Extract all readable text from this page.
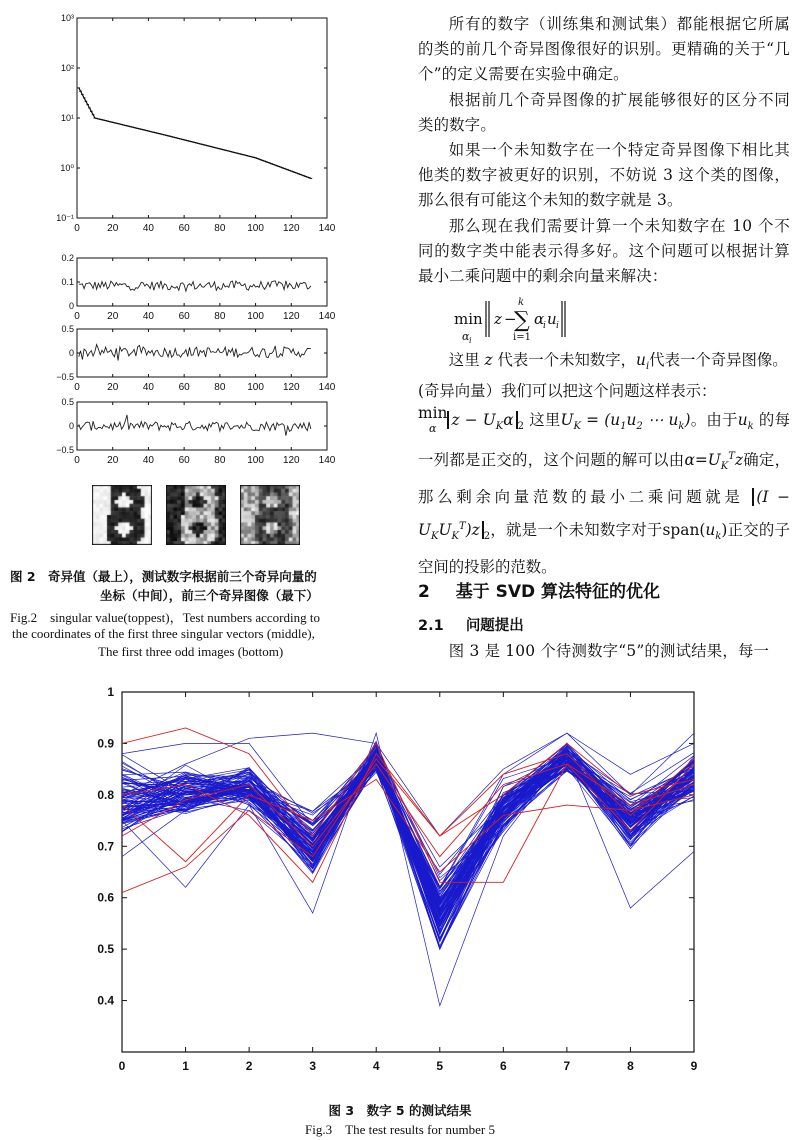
0	20 40 60 80 100 120 140
10⁻¹
10⁰
10¹
10²
10³
0	20 40 60 80 100 120 140
0.2
0.1
0
0	20 40 60 80 100 120 140
0.5
0
−0.5
0	20 40 60 80 100 120 140
0.5
0
−0.5
图 2　奇异值（最上），测试数字根据前三个奇异向量的
坐标（中间），前三个奇异图像（最下）
Fig.2　singular value(toppest)，Test numbers according to
the coordinates of the first three singular vectors (middle),
The first three odd images (bottom)

所有的数字（训练集和测试集）都能根据它所属的类的前几个奇异图像很好的识别。更精确的关于“几个”的定义需要在实验中确定。

根据前几个奇异图像的扩展能够很好的区分不同类的数字。

如果一个未知数字在一个特定奇异图像下相比其他类的数字被更好的识别，不妨说 3 这个类的图像，那么很有可能这个未知的数字就是 3。

那么现在我们需要计算一个未知数字在 10 个不同的数字类中能表示得多好。这个问题可以根据计算最小二乘问题中的剩余向量来解决：

min
α i
z −
k
∑
i=1
α
i u i
这里 z 代表一个未知数字，$u_i$代表一个奇异图像。(奇异向量）我们可以把这个问题这样表示：
min
α $z - U_K\alpha$ $_2$ 这里$U_K = (u_1u_2$ ⋯ $u_k$)。由于$u_k$ 的每一列都是正交的，这个问题的解可以由$\alpha=U_K^Tz$确定，那么剩余向量范数的最小二乘问题就是 $(I - U_KU_K^T)z$ $_2$，就是一个未知数字对于$span(u_k)$正交的子空间的投影的范数。
2 基于 SVD 算法特征的优化
2.1 问题提出

图 3 是 100 个待测数字“5”的测试结果，每一

0	1	2	3	4	5	6	7	8	9
0.4
0.5
0.6
0.7
0.8
0.9
1
图 3　数字 5 的测试结果
Fig.3　The test results for number 5
